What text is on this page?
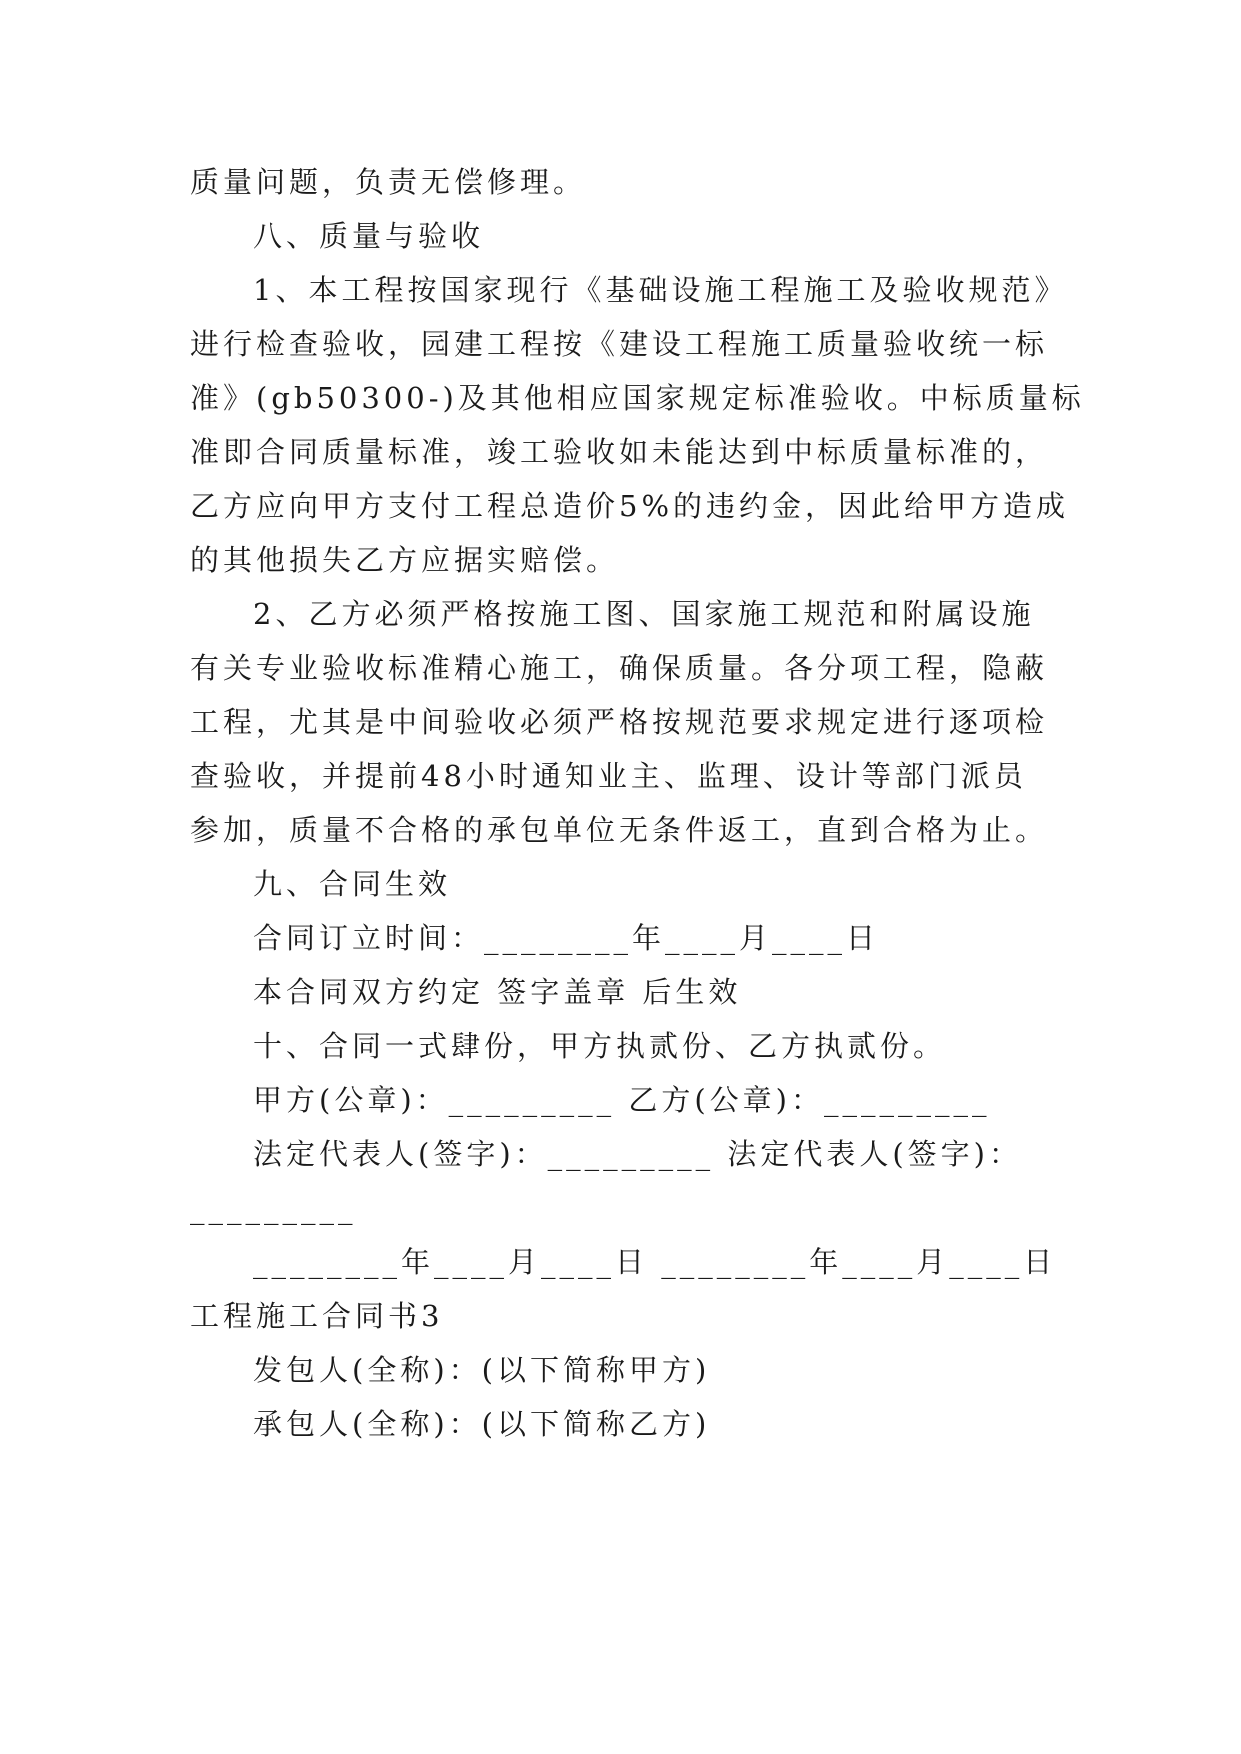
质量问题，负责无偿修理。
八、质量与验收
1、本工程按国家现行《基础设施工程施工及验收规范》
进行检查验收，园建工程按《建设工程施工质量验收统一标
准》(gb50300-)及其他相应国家规定标准验收。中标质量标
准即合同质量标准，竣工验收如未能达到中标质量标准的，
乙方应向甲方支付工程总造价5%的违约金，因此给甲方造成
的其他损失乙方应据实赔偿。
2、乙方必须严格按施工图、国家施工规范和附属设施
有关专业验收标准精心施工，确保质量。各分项工程，隐蔽
工程，尤其是中间验收必须严格按规范要求规定进行逐项检
查验收，并提前48小时通知业主、监理、设计等部门派员
参加，质量不合格的承包单位无条件返工，直到合格为止。
九、合同生效
合同订立时间：________年____月____日
本合同双方约定 签字盖章 后生效
十、合同一式肆份，甲方执贰份、乙方执贰份。
甲方(公章)：_________ 乙方(公章)：_________
法定代表人(签字)：_________ 法定代表人(签字)：
_________
________年____月____日 ________年____月____日
工程施工合同书3
发包人(全称)：(以下简称甲方)
承包人(全称)：(以下简称乙方)
